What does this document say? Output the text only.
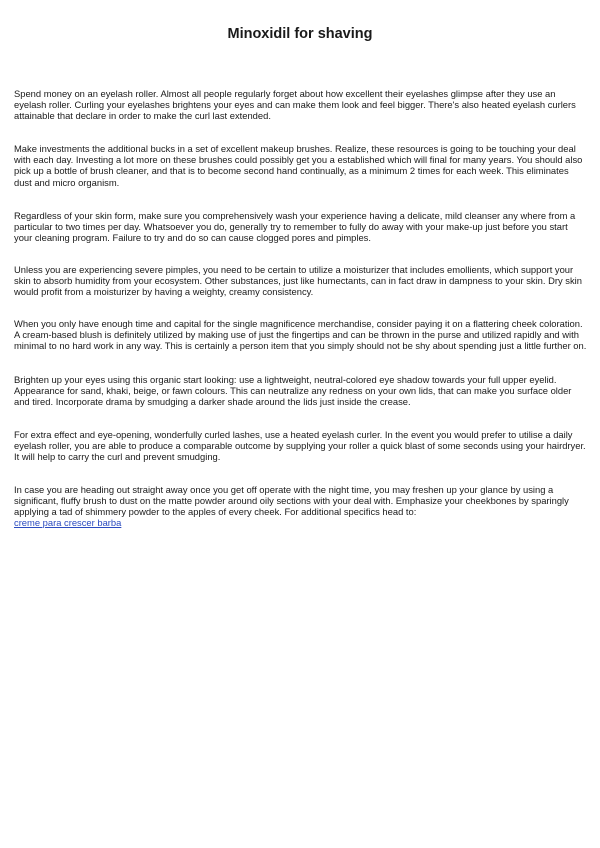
Minoxidil for shaving

Spend money on an eyelash roller. Almost all people regularly forget about how excellent their eyelashes glimpse after they use an eyelash roller. Curling your eyelashes brightens your eyes and can make them look and feel bigger. There's also heated eyelash curlers attainable that declare in order to make the curl last extended.

Make investments the additional bucks in a set of excellent makeup brushes. Realize, these resources is going to be touching your deal with each day. Investing a lot more on these brushes could possibly get you a established which will final for many years. You should also pick up a bottle of brush cleaner, and that is to become second hand continually, as a minimum 2 times for each week. This eliminates dust and micro organism.

Regardless of your skin form, make sure you comprehensively wash your experience having a delicate, mild cleanser any where from a particular to two times per day. Whatsoever you do, generally try to remember to fully do away with your make-up just before you start your cleaning program. Failure to try and do so can cause clogged pores and pimples.

Unless you are experiencing severe pimples, you need to be certain to utilize a moisturizer that includes emollients, which support your skin to absorb humidity from your ecosystem. Other substances, just like humectants, can in fact draw in dampness to your skin. Dry skin would profit from a moisturizer by having a weighty, creamy consistency.

When you only have enough time and capital for the single magnificence merchandise, consider paying it on a flattering cheek coloration. A cream-based blush is definitely utilized by making use of just the fingertips and can be thrown in the purse and utilized rapidly and with minimal to no hard work in any way. This is certainly a person item that you simply should not be shy about spending just a little further on.

Brighten up your eyes using this organic start looking: use a lightweight, neutral-colored eye shadow towards your full upper eyelid. Appearance for sand, khaki, beige, or fawn colours. This can neutralize any redness on your own lids, that can make you surface older and tired. Incorporate drama by smudging a darker shade around the lids just inside the crease.

For extra effect and eye-opening, wonderfully curled lashes, use a heated eyelash curler. In the event you would prefer to utilise a daily eyelash roller, you are able to produce a comparable outcome by supplying your roller a quick blast of some seconds using your hairdryer. It will help to carry the curl and prevent smudging.

In case you are heading out straight away once you get off operate with the night time, you may freshen up your glance by using a significant, fluffy brush to dust on the matte powder around oily sections with your deal with. Emphasize your cheekbones by sparingly applying a tad of shimmery powder to the apples of every cheek. For additional specifics head to:
creme para crescer barba
